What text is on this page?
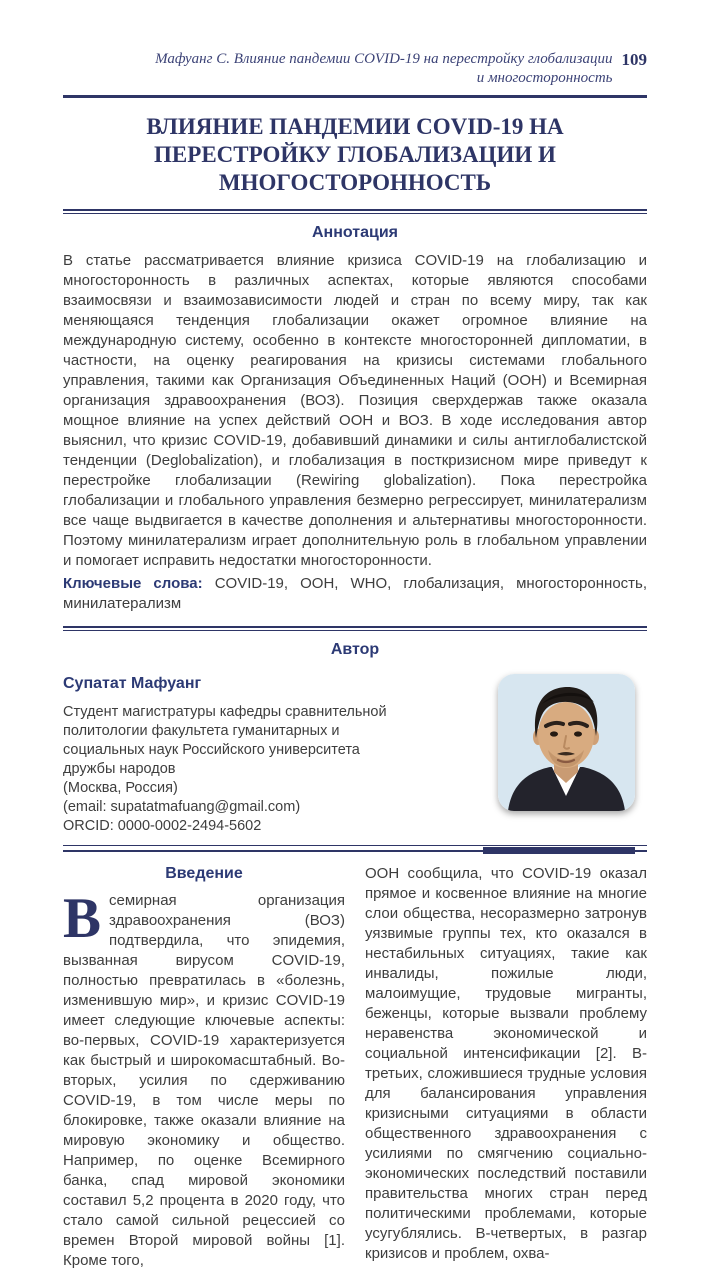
Мафуанг С. Влияние пандемии COVID-19 на перестройку глобализации
и многосторонность
109
ВЛИЯНИЕ ПАНДЕМИИ COVID-19 НА ПЕРЕСТРОЙКУ ГЛОБАЛИЗАЦИИ И МНОГОСТОРОННОСТЬ
Аннотация

В статье рассматривается влияние кризиса COVID-19 на глобализацию и многосторонность в различных аспектах, которые являются способами взаимосвязи и взаимозависимости людей и стран по всему миру, так как меняющаяся тенденция глобализации окажет огромное влияние на международную систему, особенно в контексте многосторонней дипломатии, в частности, на оценку реагирования на кризисы системами глобального управления, такими как Организация Объединенных Наций (ООН) и Всемирная организация здравоохранения (ВОЗ). Позиция сверхдержав также оказала мощное влияние на успех действий ООН и ВОЗ. В ходе исследования автор выяснил, что кризис COVID-19, добавивший динамики и силы антиглобалистской тенденции (Deglobalization), и глобализация в посткризисном мире приведут к перестройке глобализации (Rewiring globalization). Пока перестройка глобализации и глобального управления безмерно регрессирует, минилатерализм все чаще выдвигается в качестве дополнения и альтернативы многосторонности. Поэтому минилатерализм играет дополнительную роль в глобальном управлении и помогает исправить недостатки многосторонности.

Ключевые слова: COVID-19, ООН, WHO, глобализация, многосторонность, минилатерализм

Автор
Супатат Мафуанг

Студент магистратуры кафедры сравнительной политологии факультета гуманитарных и социальных наук Российского университета дружбы народов

(Москва, Россия)

(email: supatatmafuang@gmail.com)

ORCID: 0000-0002-2494-5602

Введение

Всемирная организация здравоохранения (ВОЗ) подтвердила, что эпидемия, вызванная вирусом COVID-19, полностью превратилась в «болезнь, изменившую мир», и кризис COVID-19 имеет следующие ключевые аспекты: во-первых, COVID-19 характеризуется как быстрый и широкомасштабный. Во-вторых, усилия по сдерживанию COVID-19, в том числе меры по блокировке, также оказали влияние на мировую экономику и общество. Например, по оценке Всемирного банка, спад мировой экономики составил 5,2 процента в 2020 году, что стало самой сильной рецессией со времен Второй мировой войны [1]. Кроме того,

ООН сообщила, что COVID-19 оказал прямое и косвенное влияние на многие слои общества, несоразмерно затронув уязвимые группы тех, кто оказался в нестабильных ситуациях, такие как инвалиды, пожилые люди, малоимущие, трудовые мигранты, беженцы, которые вызвали проблему неравенства экономической и социальной интенсификации [2]. В-третьих, сложившиеся трудные условия для балансирования управления кризисными ситуациями в области общественного здравоохранения с усилиями по смягчению социально-экономических последствий поставили правительства многих стран перед политическими проблемами, которые усугублялись. В-четвертых, в разгар кризисов и проблем, охва-
